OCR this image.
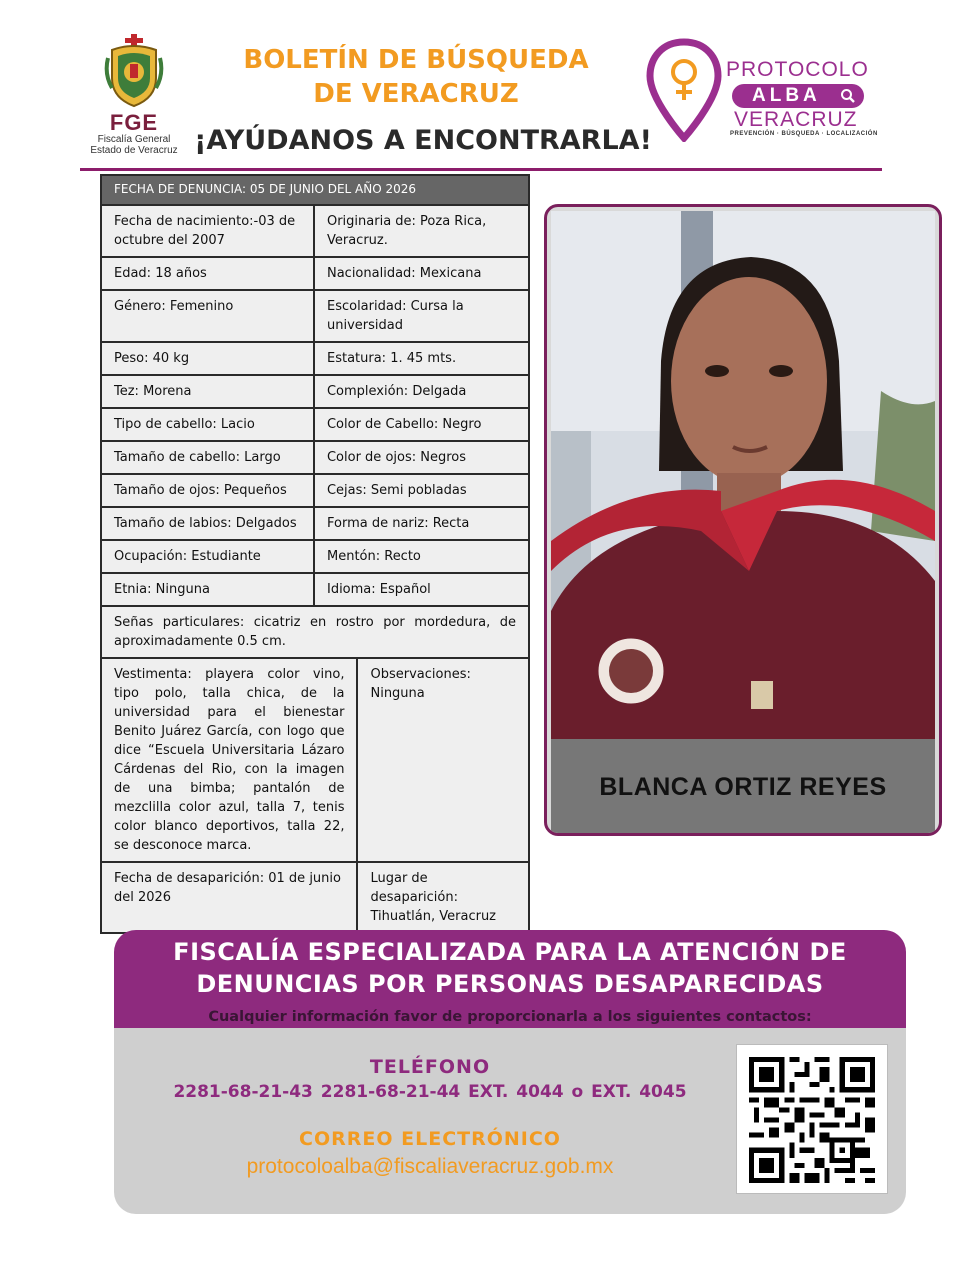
FGE
Fiscalía General
Estado de Veracruz
BOLETÍN DE BÚSQUEDA
DE VERACRUZ
¡AYÚDANOS A ENCONTRARLA!
PROTOCOLO
ALBA
VERACRUZ
PREVENCIÓN · BÚSQUEDA · LOCALIZACIÓN
FECHA DE DENUNCIA: 05 DE JUNIO DEL AÑO 2026		
Fecha de nacimiento:-03 de octubre del 2007	Originaria de: Poza Rica, Veracruz.	
Edad: 18 años	Nacionalidad: Mexicana	
Género: Femenino	Escolaridad: Cursa la universidad	
Peso: 40 kg	Estatura: 1. 45 mts.	
Tez: Morena	Complexión: Delgada	
Tipo de cabello: Lacio	Color de Cabello: Negro	
Tamaño de cabello: Largo	Color de ojos: Negros	
Tamaño de ojos: Pequeños	Cejas: Semi pobladas	
Tamaño de labios: Delgados	Forma de nariz: Recta	
Ocupación: Estudiante	Mentón: Recto	
Etnia: Ninguna	Idioma: Español	
Señas particulares: cicatriz en rostro por mordedura, de aproximadamente 0.5 cm.		
Vestimenta: playera color vino, tipo polo, talla chica, de la universidad para el bienestar Benito Juárez García, con logo que dice “Escuela Universitaria Lázaro Cárdenas del Rio, con la imagen de una bimba; pantalón de mezclilla color azul, talla 7, tenis color blanco deportivos, talla 22, se desconoce marca.		Observaciones: Ninguna
Fecha de desaparición: 01 de junio del 2026		Lugar de desaparición: Tihuatlán, Veracruz
BLANCA ORTIZ REYES
FISCALÍA ESPECIALIZADA PARA LA ATENCIÓN DE
DENUNCIAS POR PERSONAS DESAPARECIDAS
Cualquier información favor de proporcionarla a los siguientes contactos:
TELÉFONO
2281-68-21-43 2281-68-21-44 EXT. 4044 o EXT. 4045
CORREO ELECTRÓNICO
protocoloalba@fiscaliaveracruz.gob.mx
